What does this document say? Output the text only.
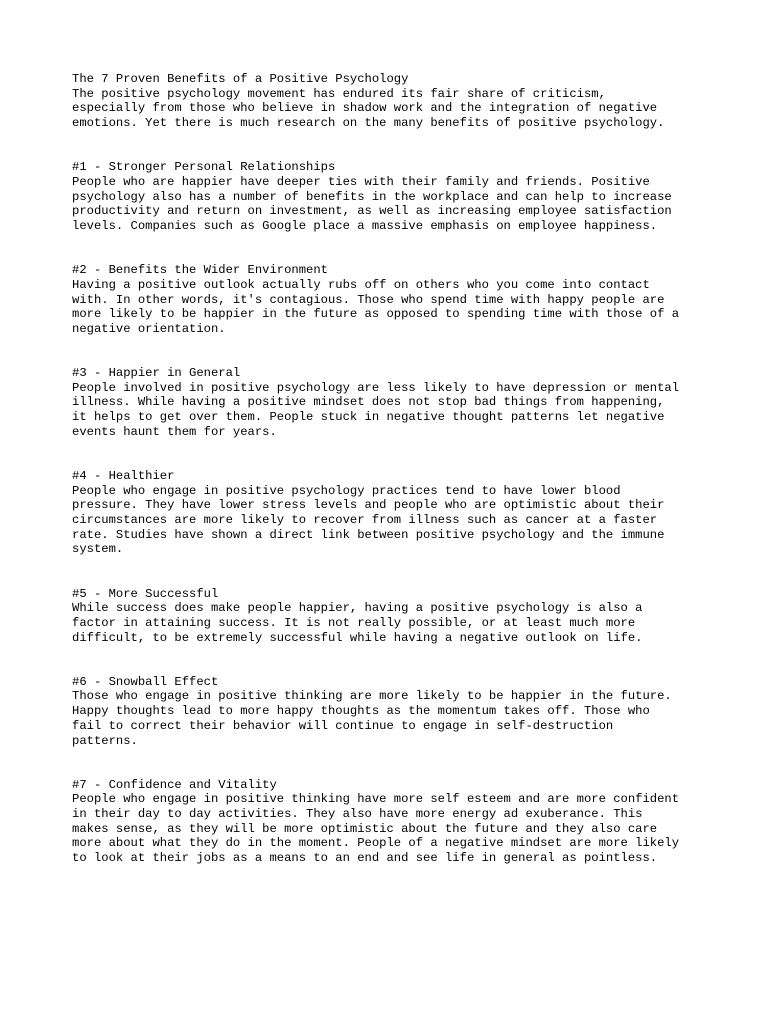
The 7 Proven Benefits of a Positive Psychology
The positive psychology movement has endured its fair share of criticism,
especially from those who believe in shadow work and the integration of negative
emotions. Yet there is much research on the many benefits of positive psychology.
#1 - Stronger Personal Relationships
People who are happier have deeper ties with their family and friends. Positive
psychology also has a number of benefits in the workplace and can help to increase
productivity and return on investment, as well as increasing employee satisfaction
levels. Companies such as Google place a massive emphasis on employee happiness.
#2 - Benefits the Wider Environment
Having a positive outlook actually rubs off on others who you come into contact
with. In other words, it's contagious. Those who spend time with happy people are
more likely to be happier in the future as opposed to spending time with those of a
negative orientation.
#3 - Happier in General
People involved in positive psychology are less likely to have depression or mental
illness. While having a positive mindset does not stop bad things from happening,
it helps to get over them. People stuck in negative thought patterns let negative
events haunt them for years.
#4 - Healthier
People who engage in positive psychology practices tend to have lower blood
pressure. They have lower stress levels and people who are optimistic about their
circumstances are more likely to recover from illness such as cancer at a faster
rate. Studies have shown a direct link between positive psychology and the immune
system.
#5 - More Successful
While success does make people happier, having a positive psychology is also a
factor in attaining success. It is not really possible, or at least much more
difficult, to be extremely successful while having a negative outlook on life.
#6 - Snowball Effect
Those who engage in positive thinking are more likely to be happier in the future.
Happy thoughts lead to more happy thoughts as the momentum takes off. Those who
fail to correct their behavior will continue to engage in self-destruction
patterns.
#7 - Confidence and Vitality
People who engage in positive thinking have more self esteem and are more confident
in their day to day activities. They also have more energy ad exuberance. This
makes sense, as they will be more optimistic about the future and they also care
more about what they do in the moment. People of a negative mindset are more likely
to look at their jobs as a means to an end and see life in general as pointless.
